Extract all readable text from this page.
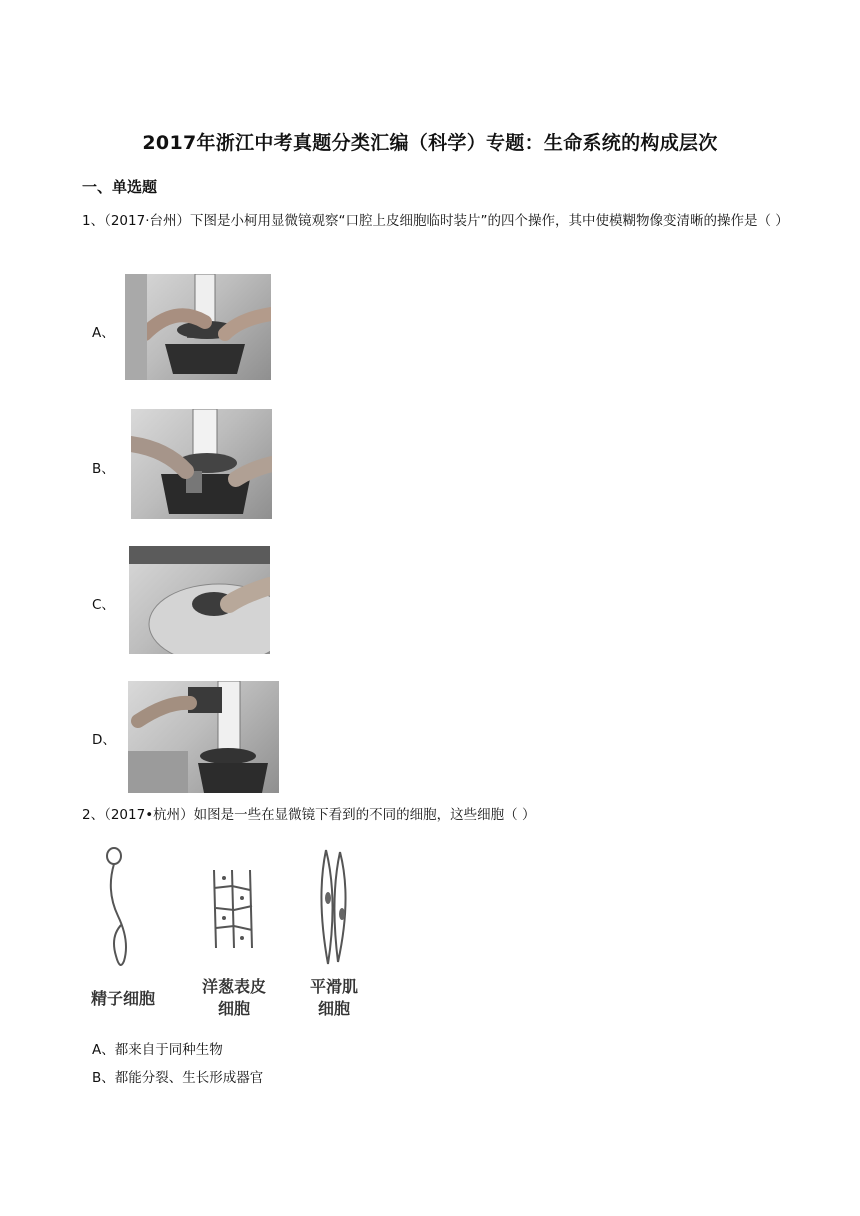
2017年浙江中考真题分类汇编（科学）专题：生命系统的构成层次
一、单选题
1、（2017·台州）下图是小柯用显微镜观察“口腔上皮细胞临时装片”的四个操作，其中使模糊物像变清晰的操作是（ ）
A、
B、
C、
D、
2、（2017•杭州）如图是一些在显微镜下看到的不同的细胞，这些细胞（ ）
精子细胞
洋葱表皮
细胞
平滑肌
细胞
A、都来自于同种生物
B、都能分裂、生长形成器官
